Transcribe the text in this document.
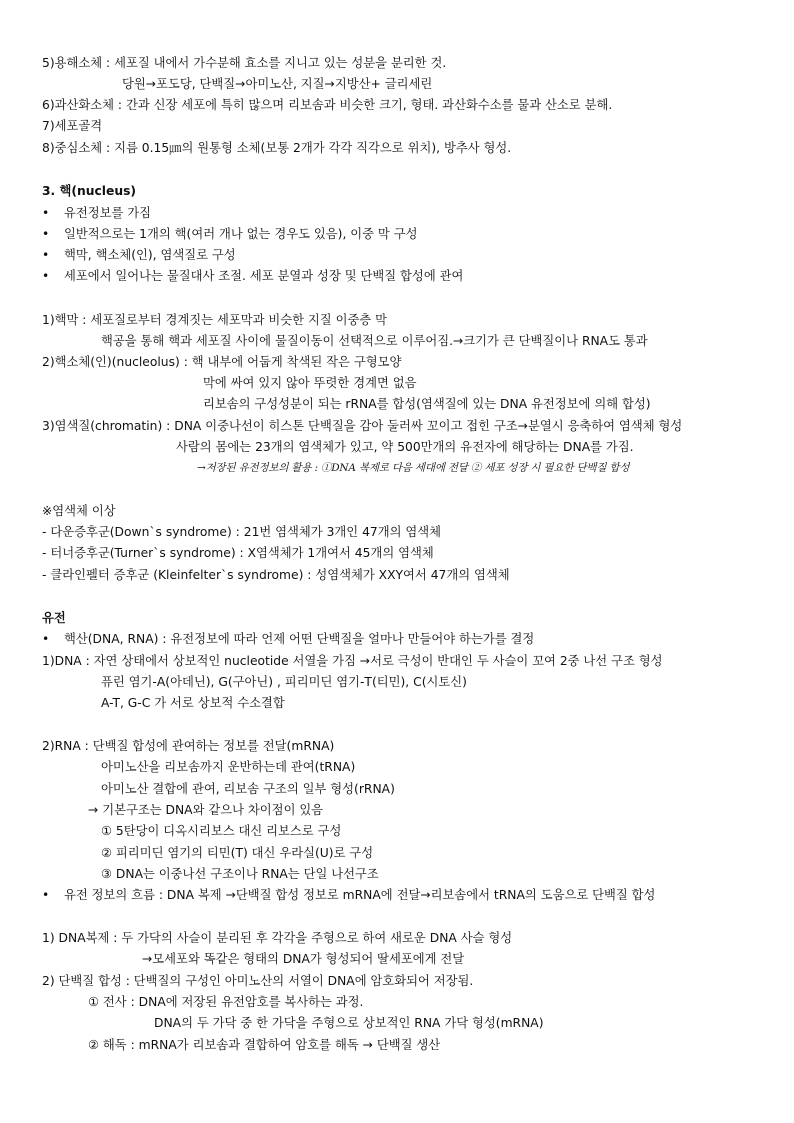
5)용해소체 : 세포질 내에서 가수분해 효소를 지니고 있는 성분을 분리한 것.
당원→포도당, 단백질→아미노산, 지질→지방산+ 글리세린
6)과산화소체 : 간과 신장 세포에 특히 많으며 리보솜과 비슷한 크기, 형태. 과산화수소를 물과 산소로 분해.
7)세포골격
8)중심소체 : 지름 0.15㎛의 원통형 소체(보통 2개가 각각 직각으로 위치), 방추사 형성.
3. 핵(nucleus)
• 유전정보를 가짐
• 일반적으로는 1개의 핵(여러 개나 없는 경우도 있음), 이중 막 구성
• 핵막, 핵소체(인), 염색질로 구성
• 세포에서 일어나는 물질대사 조절. 세포 분열과 성장 및 단백질 합성에 관여
1)핵막 : 세포질로부터 경계짓는 세포막과 비슷한 지질 이중층 막
핵공을 통해 핵과 세포질 사이에 물질이동이 선택적으로 이루어짐.→크기가 큰 단백질이나 RNA도 통과
2)핵소체(인)(nucleolus) : 핵 내부에 어둡게 착색된 작은 구형모양
막에 싸여 있지 않아 뚜렷한 경계면 없음
리보솜의 구성성분이 되는 rRNA를 합성(염색질에 있는 DNA 유전정보에 의해 합성)
3)염색질(chromatin) : DNA 이중나선이 히스톤 단백질을 감아 둘러싸 꼬이고 접힌 구조→분열시 응축하여 염색체 형성
사람의 몸에는 23개의 염색체가 있고, 약 500만개의 유전자에 해당하는 DNA를 가짐.
→저장된 유전정보의 활용 : ①DNA 복제로 다음 세대에 전달 ② 세포 성장 시 필요한 단백질 합성
※염색체 이상
- 다운증후군(Down`s syndrome) : 21번 염색체가 3개인 47개의 염색체
- 터너증후군(Turner`s syndrome) : X염색체가 1개여서 45개의 염색체
- 클라인펠터 증후군 (Kleinfelter`s syndrome) : 성염색체가 XXY여서 47개의 염색체
유전
• 핵산(DNA, RNA) : 유전정보에 따라 언제 어떤 단백질을 얼마나 만들어야 하는가를 결정
1)DNA : 자연 상태에서 상보적인 nucleotide 서열을 가짐 →서로 극성이 반대인 두 사슬이 꼬여 2중 나선 구조 형성
퓨린 염기-A(아데닌), G(구아닌) , 피리미딘 염기-T(티민), C(시토신)
A-T, G-C 가 서로 상보적 수소결합
2)RNA : 단백질 합성에 관여하는 정보를 전달(mRNA)
아미노산을 리보솜까지 운반하는데 관여(tRNA)
아미노산 결합에 관여, 리보솜 구조의 일부 형성(rRNA)
→ 기본구조는 DNA와 같으나 차이점이 있음
① 5탄당이 디옥시리보스 대신 리보스로 구성
② 피리미딘 염기의 티민(T) 대신 우라실(U)로 구성
③ DNA는 이중나선 구조이나 RNA는 단일 나선구조
• 유전 정보의 흐름 : DNA 복제 →단백질 합성 정보로 mRNA에 전달→리보솜에서 tRNA의 도움으로 단백질 합성
1) DNA복제 : 두 가닥의 사슬이 분리된 후 각각을 주형으로 하여 새로운 DNA 사슬 형성
→모세포와 똑같은 형태의 DNA가 형성되어 딸세포에게 전달
2) 단백질 합성 : 단백질의 구성인 아미노산의 서열이 DNA에 암호화되어 저장됨.
① 전사 : DNA에 저장된 유전암호를 복사하는 과정.
DNA의 두 가닥 중 한 가닥을 주형으로 상보적인 RNA 가닥 형성(mRNA)
② 해독 : mRNA가 리보솜과 결합하여 암호를 해독 → 단백질 생산
